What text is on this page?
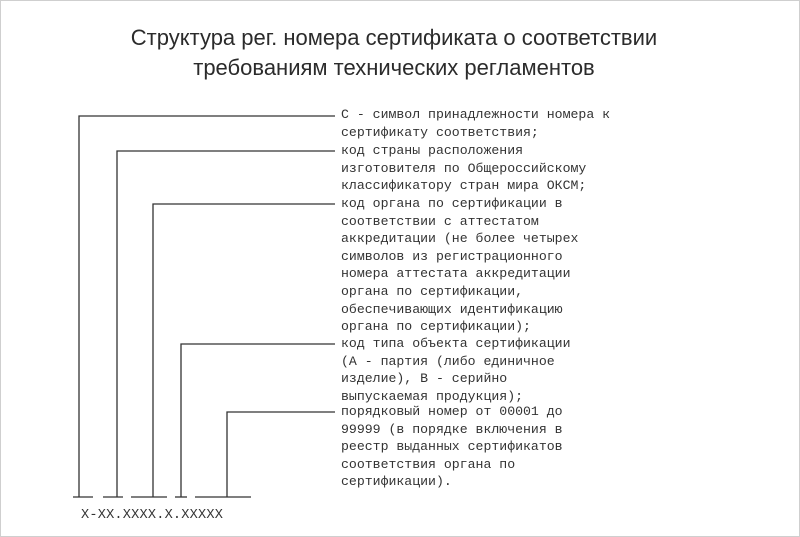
Структура рег. номера сертификата о соответствии
требованиям технических регламентов
С - символ принадлежности номера к
сертификату соответствия;
код страны расположения
изготовителя по Общероссийскому
классификатору стран мира ОКСМ;
код органа по сертификации в
соответствии с аттестатом
аккредитации (не более четырех
символов из регистрационного
номера аттестата аккредитации
органа по сертификации,
обеспечивающих идентификацию
органа по сертификации);
код типа объекта сертификации
(А - партия (либо единичное
изделие), В - серийно
выпускаемая продукция);
порядковый номер от 00001 до
99999 (в порядке включения в
реестр выданных сертификатов
соответствия органа по
сертификации).
Х-ХХ.ХХХХ.Х.ХХХХХ
